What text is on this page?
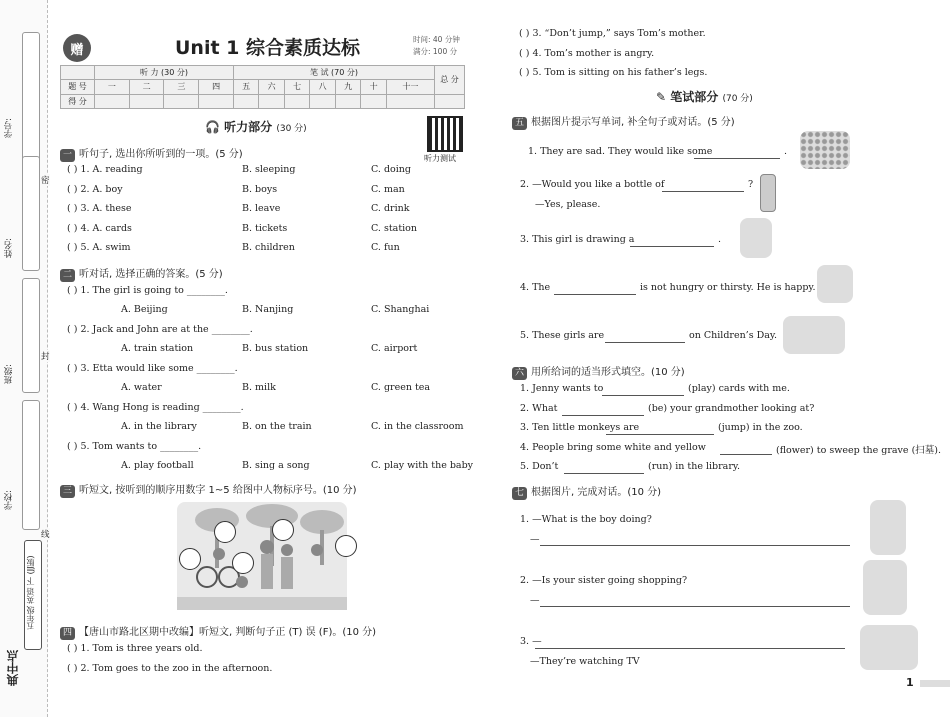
学号:
姓名:
班级:
学校:
密
封
线
五年级 英语 下 (JJ版)
典中点
赠	Unit 1 综合素质达标	时间: 40 分钟
满分: 100 分
	听 力 (30 分)				笔 试 (70 分)							总 分
题 号	一	二	三	四	五	六	七	八	九	十	十一	
得 分												
🎧 听力部分 (30 分)
听力测试
一 听句子, 选出你所听到的一项。(5 分)
二 听对话, 选择正确的答案。(5 分)
三 听短文, 按听到的顺序用数字 1~5 给图中人物标序号。(10 分)
四 【唐山市路北区期中改编】听短文, 判断句子正 (T) 误 (F)。(10 分)
✎ 笔试部分 (70 分)
五 根据图片提示写单词, 补全句子或对话。(5 分)
六 用所给词的适当形式填空。(10 分)
七 根据图片, 完成对话。(10 分)
1
( ) 1. A. reading	B. sleeping	C. doing
( ) 2. A. boy	B. boys	C. man
( ) 3. A. these	B. leave	C. drink
( ) 4. A. cards	B. tickets	C. station
( ) 5. A. swim	B. children	C. fun
( ) 1. The girl is going to ________.
A. Beijing	B. Nanjing	C. Shanghai
( ) 2. Jack and John are at the ________.
A. train station	B. bus station	C. airport
( ) 3. Etta would like some ________.
A. water	B. milk	C. green tea
( ) 4. Wang Hong is reading ________.
A. in the library	B. on the train	C. in the classroom
( ) 5. Tom wants to ________.
A. play football	B. sing a song	C. play with the baby
( ) 1. Tom is three years old.
( ) 2. Tom goes to the zoo in the afternoon.
( ) 3. “Don’t jump,” says Tom’s mother.
( ) 4. Tom’s mother is angry.
( ) 5. Tom is sitting on his father’s legs.
1. They are sad. They would like some	.
2. —Would you like a bottle of	?
—Yes, please.
3. This girl is drawing a	.
4. The	is not hungry or thirsty. He is happy.
5. These girls are	on Children’s Day.
1. Jenny wants to	(play) cards with me.
2. What	(be) your grandmother looking at?
3. Ten little monkeys are	(jump) in the zoo.
4. People bring some white and yellow	(flower) to sweep the grave (扫墓).
5. Don’t	(run) in the library.
1. —What is the boy doing?
—
2. —Is your sister going shopping?
—
3. —
—They’re watching TV
